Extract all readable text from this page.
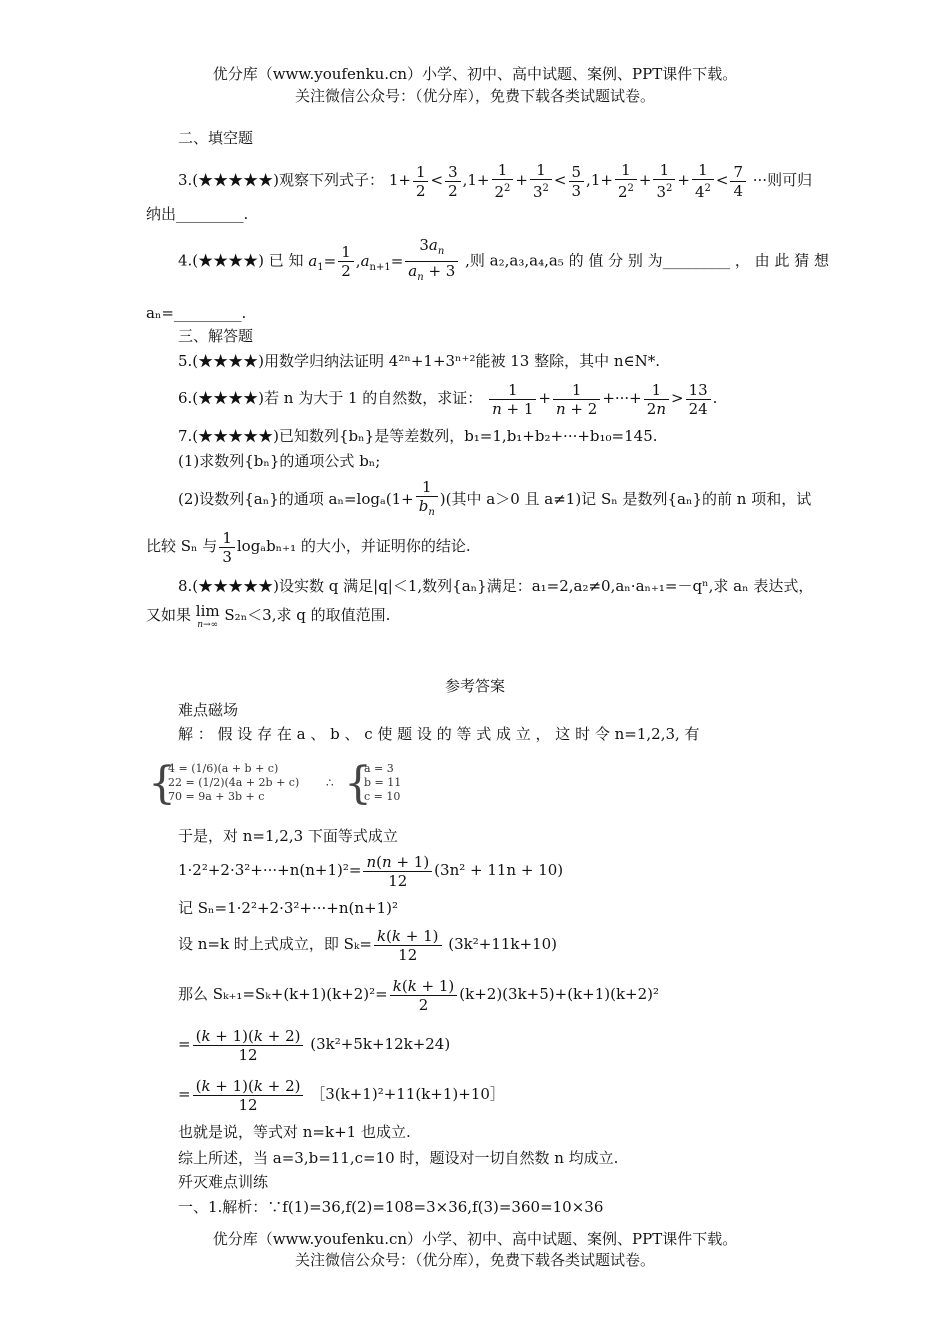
优分库（www.youfenku.cn）小学、初中、高中试题、案例、PPT课件下载。
关注微信公众号：（优分库），免费下载各类试题试卷。
二、填空题
3.(★★★★★)观察下列式子： $1+ \frac{1}{2} < \frac{3}{2} ,1+ \frac{1}{2^2} + \frac{1}{3^2} < \frac{5}{3} ,1+ \frac{1}{2^2} + \frac{1}{3^2} + \frac{1}{4^2} < \frac{7}{4}$ ···则可归
纳出_________.
4.(★★★★) 已 知 $a_1= \frac{1}{2} ,a_{n+1}= \frac{3a_n}{a_n + 3}$ ,则 a₂,a₃,a₄,a₅ 的 值 分 别 为_________ ， 由 此 猜 想
aₙ=_________.
三、解答题
5.(★★★★)用数学归纳法证明 4²ⁿ+1+3ⁿ⁺²能被 13 整除，其中 n∈N*.
6.(★★★★)若 n 为大于 1 的自然数，求证： $\frac{1}{n + 1} + \frac{1}{n + 2}$ +···+ $\frac{1}{2n} > \frac{13}{24}$ .
7.(★★★★★)已知数列{bₙ}是等差数列，b₁=1,b₁+b₂+···+b₁₀=145.
(1)求数列{bₙ}的通项公式 bₙ;
(2)设数列{aₙ}的通项 $a_n=\log_a(1+ \frac{1}{b_n}$ )(其中 a＞0 且 a≠1)记 Sₙ 是数列{aₙ}的前 n 项和，试
比较 Sₙ 与 $\frac{1}{3} \log_ab_{n+1}$ 的大小，并证明你的结论.
8.(★★★★★)设实数 q 满足|q|＜1,数列{aₙ}满足：a₁=2,a₂≠0,aₙ·aₙ₊₁=－qⁿ,求 aₙ 表达式，
又如果 lim
n→∞
S₂ₙ＜3,求 q 的取值范围.
参考答案
难点磁场
解 ： 假 设 存 在 a 、 b 、 c 使 题 设 的 等 式 成 立 ， 这 时 令 n=1,2,3, 有
{
4 = (1/6)(a + b + c)
22 = (1/2)(4a + 2b + c)
70 = 9a + 3b + c
∴ {
a = 3
b = 11
c = 10
于是，对 n=1,2,3 下面等式成立
$1\cdot 2^2+2\cdot 3^2+\cdot\cdot\cdot+n(n+1)^2= \frac{n(n + 1)}{12} (3n^2 + 11n + 10)$
记 Sₙ=1·2²+2·3²+···+n(n+1)²
设 n=k 时上式成立，即 $S_k= \frac{k(k + 1)}{12} (3k^2+11k+10)$
那么 $S_{k+1}=S_k+(k+1)(k+2)^2= \frac{k(k + 1)}{2} (k+2)(3k+5)+(k+1)(k+2)^2$
= $\frac{(k + 1)(k + 2)}{12} (3k^2+5k+12k+24)$
= $\frac{(k + 1)(k + 2)}{12}$ ［3(k+1)²+11(k+1)+10］
也就是说，等式对 n=k+1 也成立.
综上所述，当 a=3,b=11,c=10 时，题设对一切自然数 n 均成立.
歼灭难点训练
一、1.解析：∵f(1)=36,f(2)=108=3×36,f(3)=360=10×36
优分库（www.youfenku.cn）小学、初中、高中试题、案例、PPT课件下载。
关注微信公众号：（优分库），免费下载各类试题试卷。
